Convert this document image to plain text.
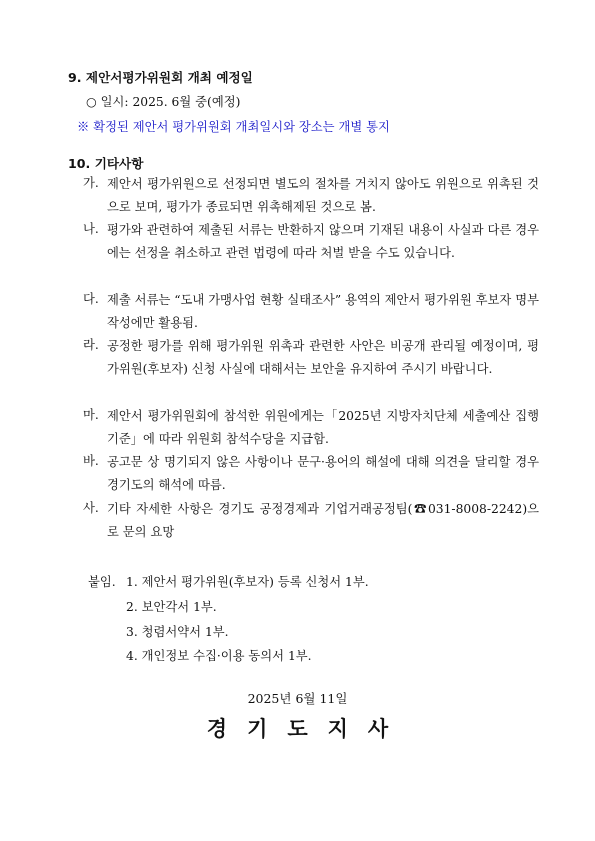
9. 제안서평가위원회 개최 예정일
○ 일시: 2025. 6월 중(예정)
※ 확정된 제안서 평가위원회 개최일시와 장소는 개별 통지
10. 기타사항
가. 제안서 평가위원으로 선정되면 별도의 절차를 거치지 않아도 위원으로 위촉된 것으로 보며, 평가가 종료되면 위촉해제된 것으로 봄.
나. 평가와 관련하여 제출된 서류는 반환하지 않으며 기재된 내용이 사실과 다른 경우에는 선정을 취소하고 관련 법령에 따라 처벌 받을 수도 있습니다.
다. 제출 서류는 “도내 가맹사업 현황 실태조사” 용역의 제안서 평가위원 후보자 명부 작성에만 활용됨.
라. 공정한 평가를 위해 평가위원 위촉과 관련한 사안은 비공개 관리될 예정이며, 평가위원(후보자) 신청 사실에 대해서는 보안을 유지하여 주시기 바랍니다.
마. 제안서 평가위원회에 참석한 위원에게는「2025년 지방자치단체 세출예산 집행기준」에 따라 위원회 참석수당을 지급함.
바. 공고문 상 명기되지 않은 사항이나 문구·용어의 해설에 대해 의견을 달리할 경우 경기도의 해석에 따름.
사. 기타 자세한 사항은 경기도 공정경제과 기업거래공정팀(☎031-8008-2242)으로 문의 요망
붙임. 1. 제안서 평가위원(후보자) 등록 신청서 1부.
2. 보안각서 1부.
3. 청렴서약서 1부.
4. 개인정보 수집·이용 동의서 1부.
2025년 6월 11일
경기도지사
